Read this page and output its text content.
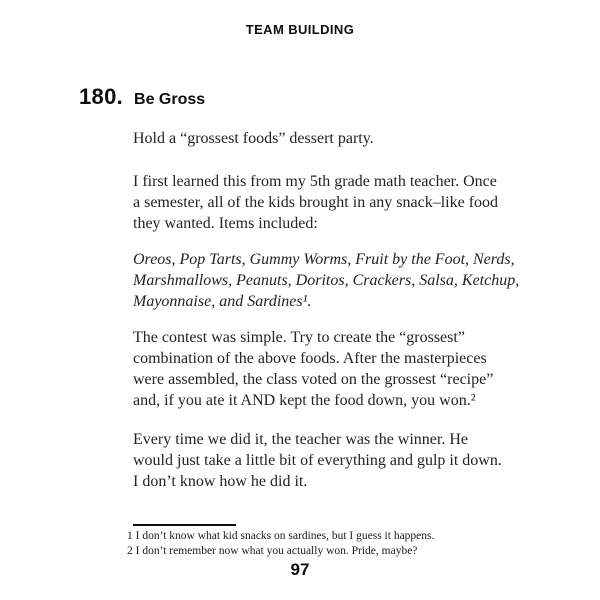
TEAM BUILDING
180. Be Gross
Hold a “grossest foods” dessert party.
I first learned this from my 5th grade math teacher. Once
a semester, all of the kids brought in any snack–like food
they wanted. Items included:
Oreos, Pop Tarts, Gummy Worms, Fruit by the Foot, Nerds,
Marshmallows, Peanuts, Doritos, Crackers, Salsa, Ketchup,
Mayonnaise, and Sardines¹.
The contest was simple. Try to create the “grossest”
combination of the above foods. After the masterpieces
were assembled, the class voted on the grossest “recipe”
and, if you ate it AND kept the food down, you won.²
Every time we did it, the teacher was the winner. He
would just take a little bit of everything and gulp it down.
I don’t know how he did it.
1 I don’t know what kid snacks on sardines, but I guess it happens.
2 I don’t remember now what you actually won. Pride, maybe?
97
